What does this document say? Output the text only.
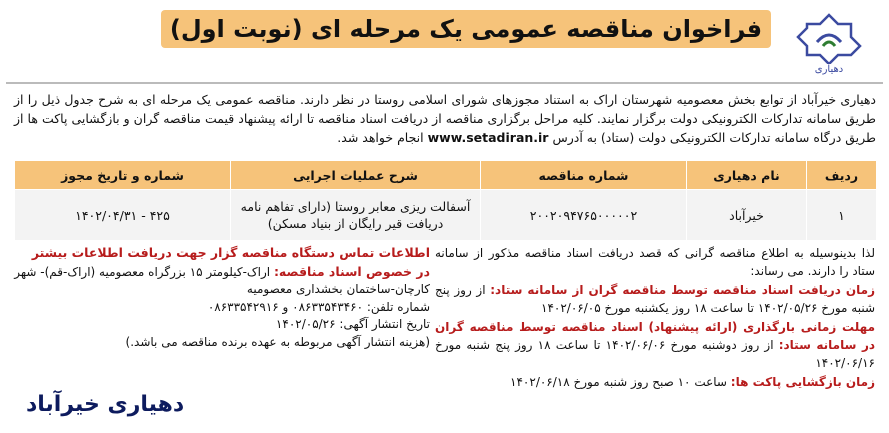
دهیاری
فراخوان مناقصه عمومی یک مرحله ای (نوبت اول)
دهیاری خیرآباد از توابع بخش معصومیه شهرستان اراک به استناد مجوزهای شورای اسلامی روستا در نظر دارند. مناقصه عمومی یک مرحله ای به شرح جدول ذیل را از طریق سامانه تدارکات الکترونیکی دولت برگزار نمایند. کلیه مراحل برگزاری مناقصه از دریافت اسناد مناقصه تا ارائه پیشنهاد قیمت مناقصه گران و بازگشایی پاکت ها از طریق درگاه سامانه تدارکات الکترونیکی دولت (ستاد) به آدرس www.setadiran.ir انجام خواهد شد.
ردیف	نام دهیاری	شماره مناقصه	شرح عملیات اجرایی	شماره و تاریخ مجوز
۱	خیرآباد	۲۰۰۲۰۹۴۷۶۵۰۰۰۰۰۲	آسفالت ریزی معابر روستا (دارای تفاهم نامه دریافت قیر رایگان از بنیاد مسکن)	۴۲۵ - ۱۴۰۲/۰۴/۳۱
لذا بدینوسیله به اطلاع مناقصه گرانی که قصد دریافت اسناد مناقصه مذکور از سامانه ستاد را دارند. می رساند:
زمان دریافت اسناد مناقصه توسط مناقصه گران از سامانه ستاد: از روز پنج شنبه مورخ ۱۴۰۲/۰۵/۲۶ تا ساعت ۱۸ روز یکشنبه مورخ ۱۴۰۲/۰۶/۰۵
مهلت زمانی بارگذاری (ارائه پیشنهاد) اسناد مناقصه توسط مناقصه گران در سامانه ستاد: از روز دوشنبه مورخ ۱۴۰۲/۰۶/۰۶ تا ساعت ۱۸ روز پنج شنبه مورخ ۱۴۰۲/۰۶/۱۶
زمان بازگشایی پاکت ها: ساعت ۱۰ صبح روز شنبه مورخ ۱۴۰۲/۰۶/۱۸
اطلاعات تماس دستگاه مناقصه گزار جهت دریافت اطلاعات بیشتر در خصوص اسناد مناقصه: اراک-کیلومتر ۱۵ بزرگراه معصومیه (اراک-قم)- شهر کارچان-ساختمان بخشداری معصومیه
شماره تلفن: ۰۸۶۳۳۵۴۳۴۶۰ و ۰۸۶۳۳۵۴۲۹۱۶
تاریخ انتشار آگهی: ۱۴۰۲/۰۵/۲۶
(هزینه انتشار آگهی مربوطه به عهده برنده مناقصه می باشد.)
دهیاری خیرآباد
